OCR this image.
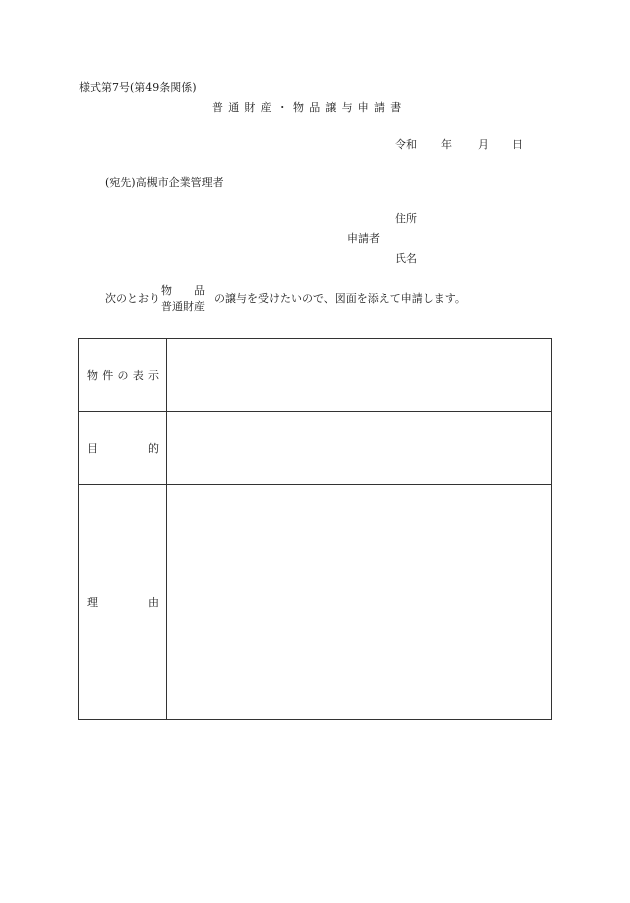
様式第7号(第49条関係)
普通財産・物品譲与申請書
令和 年 月 日
(宛先)高槻市企業管理者
住所
申請者
氏名
次のとおり
物 品
普通財産
の譲与を受けたいので、図面を添えて申請します。
物 件 の 表 示	

目 的	

理 由	
